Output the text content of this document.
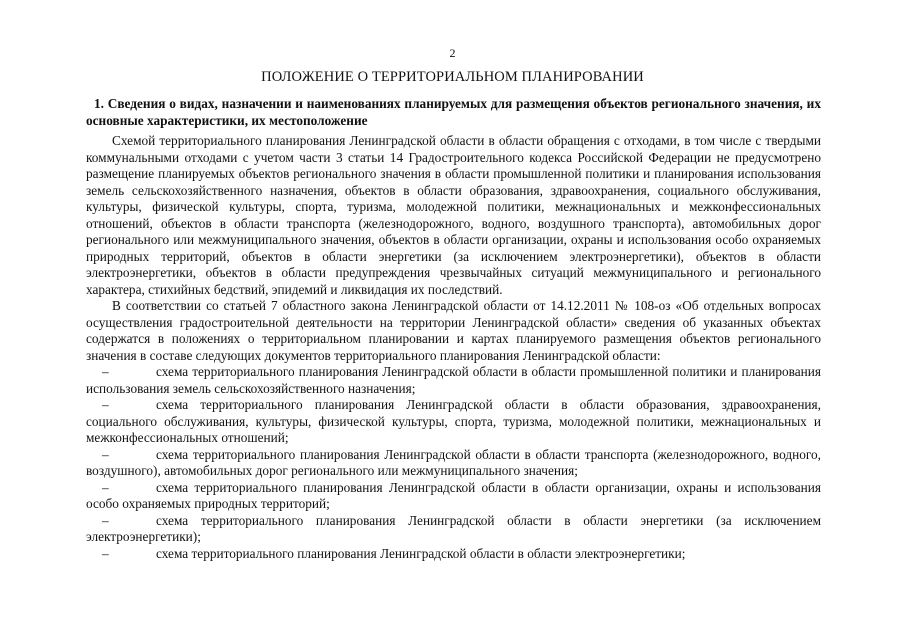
2
ПОЛОЖЕНИЕ О ТЕРРИТОРИАЛЬНОМ ПЛАНИРОВАНИИ
1. Сведения о видах, назначении и наименованиях планируемых для размещения объектов регионального значения, их основные характеристики, их местоположение

Схемой территориального планирования Ленинградской области в области обращения с отходами, в том числе с твердыми коммунальными отходами с учетом части 3 статьи 14 Градостроительного кодекса Российской Федерации не предусмотрено размещение планируемых объектов регионального значения в области промышленной политики и планирования использования земель сельскохозяйственного назначения, объектов в области образования, здравоохранения, социального обслуживания, культуры, физической культуры, спорта, туризма, молодежной политики, межнациональных и межконфессиональных отношений, объектов в области транспорта (железнодорожного, водного, воздушного транспорта), автомобильных дорог регионального или межмуниципального значения, объектов в области организации, охраны и использования особо охраняемых природных территорий, объектов в области энергетики (за исключением электроэнергетики), объектов в области электроэнергетики, объектов в области предупреждения чрезвычайных ситуаций межмуниципального и регионального характера, стихийных бедствий, эпидемий и ликвидация их последствий.

В соответствии со статьей 7 областного закона Ленинградской области от 14.12.2011 № 108-оз «Об отдельных вопросах осуществления градостроительной деятельности на территории Ленинградской области» сведения об указанных объектах содержатся в положениях о территориальном планировании и картах планируемого размещения объектов регионального значения в составе следующих документов территориального планирования Ленинградской области:

–	схема территориального планирования Ленинградской области в области промышленной политики и планирования использования земель сельскохозяйственного назначения;
–	схема территориального планирования Ленинградской области в области образования, здравоохранения, социального обслуживания, культуры, физической культуры, спорта, туризма, молодежной политики, межнациональных и межконфессиональных отношений;
–	схема территориального планирования Ленинградской области в области транспорта (железнодорожного, водного, воздушного), автомобильных дорог регионального или межмуниципального значения;
–	схема территориального планирования Ленинградской области в области организации, охраны и использования особо охраняемых природных территорий;
–	схема территориального планирования Ленинградской области в области энергетики (за исключением электроэнергетики);
–	схема территориального планирования Ленинградской области в области электроэнергетики;
